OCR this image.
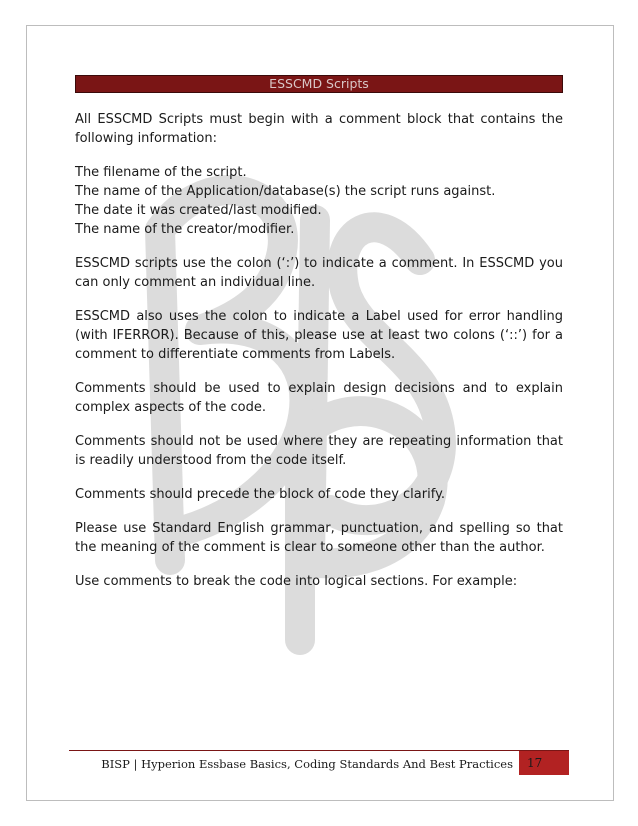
ESSCMD Scripts

All ESSCMD Scripts must begin with a comment block that contains the following information:

The filename of the script.
The name of the Application/database(s) the script runs against.
The date it was created/last modified.
The name of the creator/modifier.

ESSCMD scripts use the colon (‘:’) to indicate a comment. In ESSCMD you can only comment an individual line.

ESSCMD also uses the colon to indicate a Label used for error handling (with IFERROR). Because of this, please use at least two colons (‘::’) for a comment to differentiate comments from Labels.

Comments should be used to explain design decisions and to explain complex aspects of the code.

Comments should not be used where they are repeating information that is readily understood from the code itself.

Comments should precede the block of code they clarify.

Please use Standard English grammar, punctuation, and spelling so that the meaning of the comment is clear to someone other than the author.

Use comments to break the code into logical sections. For example:

BISP | Hyperion Essbase Basics, Coding Standards And Best Practices	17
